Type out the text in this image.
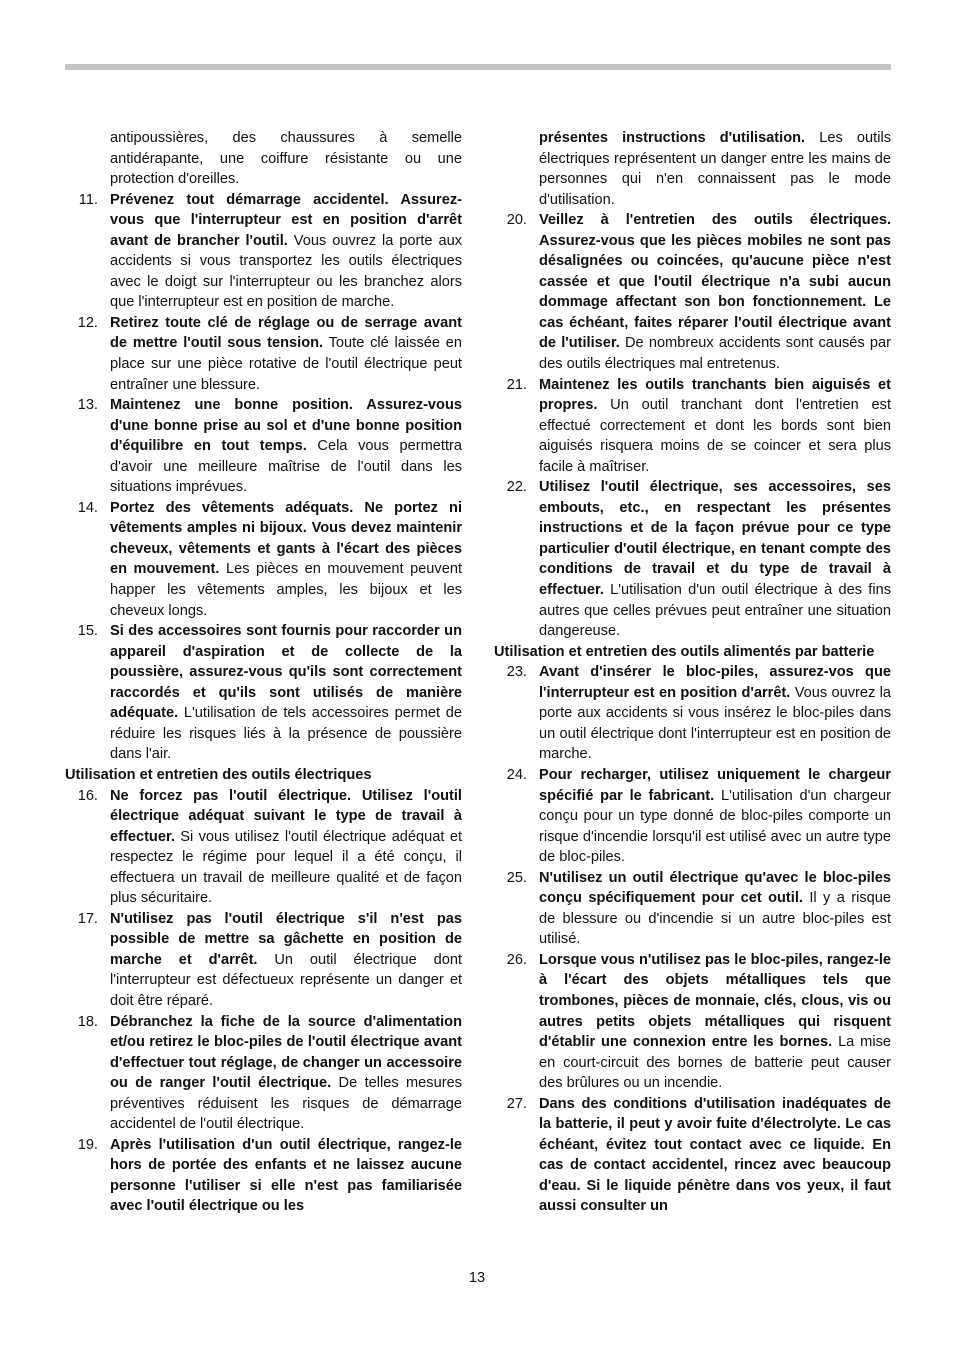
antipoussières, des chaussures à semelle antidérapante, une coiffure résistante ou une protection d'oreilles.
11. Prévenez tout démarrage accidentel. Assurez-vous que l'interrupteur est en position d'arrêt avant de brancher l'outil. Vous ouvrez la porte aux accidents si vous transportez les outils électriques avec le doigt sur l'interrupteur ou les branchez alors que l'interrupteur est en position de marche.
12. Retirez toute clé de réglage ou de serrage avant de mettre l'outil sous tension. Toute clé laissée en place sur une pièce rotative de l'outil électrique peut entraîner une blessure.
13. Maintenez une bonne position. Assurez-vous d'une bonne prise au sol et d'une bonne position d'équilibre en tout temps. Cela vous permettra d'avoir une meilleure maîtrise de l'outil dans les situations imprévues.
14. Portez des vêtements adéquats. Ne portez ni vêtements amples ni bijoux. Vous devez maintenir cheveux, vêtements et gants à l'écart des pièces en mouvement. Les pièces en mouvement peuvent happer les vêtements amples, les bijoux et les cheveux longs.
15. Si des accessoires sont fournis pour raccorder un appareil d'aspiration et de collecte de la poussière, assurez-vous qu'ils sont correctement raccordés et qu'ils sont utilisés de manière adéquate. L'utilisation de tels accessoires permet de réduire les risques liés à la présence de poussière dans l'air.
Utilisation et entretien des outils électriques
16. Ne forcez pas l'outil électrique. Utilisez l'outil électrique adéquat suivant le type de travail à effectuer. Si vous utilisez l'outil électrique adéquat et respectez le régime pour lequel il a été conçu, il effectuera un travail de meilleure qualité et de façon plus sécuritaire.
17. N'utilisez pas l'outil électrique s'il n'est pas possible de mettre sa gâchette en position de marche et d'arrêt. Un outil électrique dont l'interrupteur est défectueux représente un danger et doit être réparé.
18. Débranchez la fiche de la source d'alimentation et/ou retirez le bloc-piles de l'outil électrique avant d'effectuer tout réglage, de changer un accessoire ou de ranger l'outil électrique. De telles mesures préventives réduisent les risques de démarrage accidentel de l'outil électrique.
19. Après l'utilisation d'un outil électrique, rangez-le hors de portée des enfants et ne laissez aucune personne l'utiliser si elle n'est pas familiarisée avec l'outil électrique ou les
présentes instructions d'utilisation. Les outils électriques représentent un danger entre les mains de personnes qui n'en connaissent pas le mode d'utilisation.
20. Veillez à l'entretien des outils électriques. Assurez-vous que les pièces mobiles ne sont pas désalignées ou coincées, qu'aucune pièce n'est cassée et que l'outil électrique n'a subi aucun dommage affectant son bon fonctionnement. Le cas échéant, faites réparer l'outil électrique avant de l'utiliser. De nombreux accidents sont causés par des outils électriques mal entretenus.
21. Maintenez les outils tranchants bien aiguisés et propres. Un outil tranchant dont l'entretien est effectué correctement et dont les bords sont bien aiguisés risquera moins de se coincer et sera plus facile à maîtriser.
22. Utilisez l'outil électrique, ses accessoires, ses embouts, etc., en respectant les présentes instructions et de la façon prévue pour ce type particulier d'outil électrique, en tenant compte des conditions de travail et du type de travail à effectuer. L'utilisation d'un outil électrique à des fins autres que celles prévues peut entraîner une situation dangereuse.
Utilisation et entretien des outils alimentés par batterie
23. Avant d'insérer le bloc-piles, assurez-vos que l'interrupteur est en position d'arrêt. Vous ouvrez la porte aux accidents si vous insérez le bloc-piles dans un outil électrique dont l'interrupteur est en position de marche.
24. Pour recharger, utilisez uniquement le chargeur spécifié par le fabricant. L'utilisation d'un chargeur conçu pour un type donné de bloc-piles comporte un risque d'incendie lorsqu'il est utilisé avec un autre type de bloc-piles.
25. N'utilisez un outil électrique qu'avec le bloc-piles conçu spécifiquement pour cet outil. Il y a risque de blessure ou d'incendie si un autre bloc-piles est utilisé.
26. Lorsque vous n'utilisez pas le bloc-piles, rangez-le à l'écart des objets métalliques tels que trombones, pièces de monnaie, clés, clous, vis ou autres petits objets métalliques qui risquent d'établir une connexion entre les bornes. La mise en court-circuit des bornes de batterie peut causer des brûlures ou un incendie.
27. Dans des conditions d'utilisation inadéquates de la batterie, il peut y avoir fuite d'électrolyte. Le cas échéant, évitez tout contact avec ce liquide. En cas de contact accidentel, rincez avec beaucoup d'eau. Si le liquide pénètre dans vos yeux, il faut aussi consulter un
13
